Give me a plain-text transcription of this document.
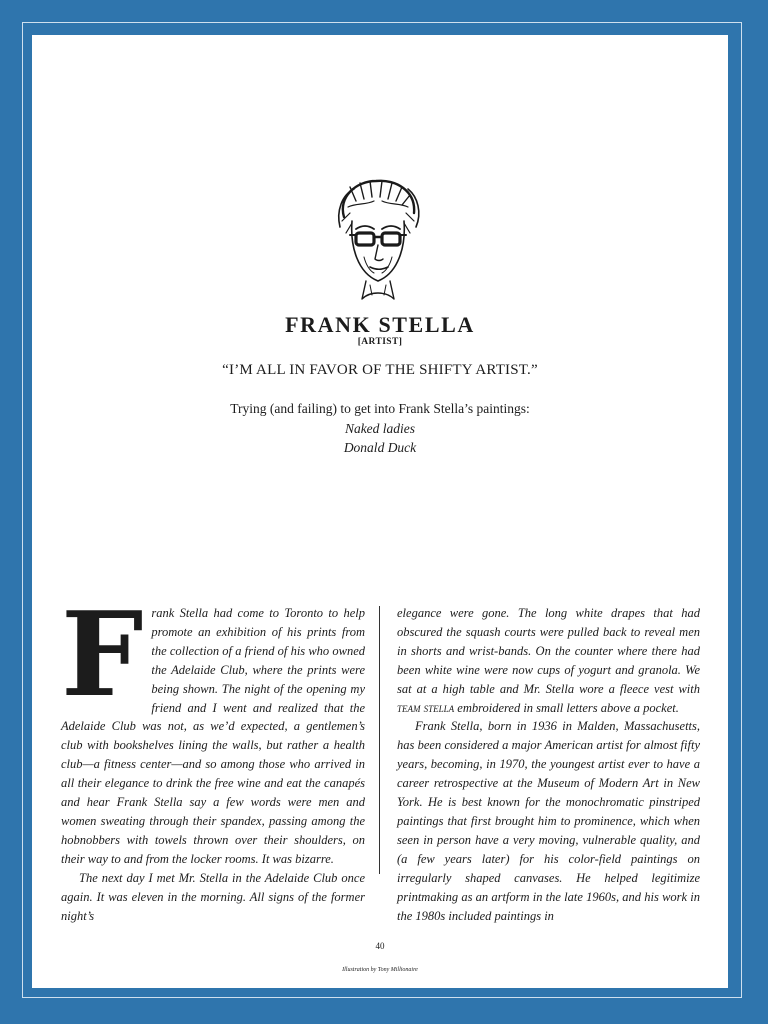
FRANK STELLA
[ARTIST]
“I’M ALL IN FAVOR OF THE SHIFTY ARTIST.”
Trying (and failing) to get into Frank Stella’s paintings:
Naked ladies
Donald Duck

Frank Stella had come to Toronto to help promote an exhibition of his prints from the collection of a friend of his who owned the Adelaide Club, where the prints were being shown. The night of the opening my friend and I went and realized that the Adelaide Club was not, as we’d expected, a gentlemen’s club with bookshelves lining the walls, but rather a health club—a fitness center—and so among those who arrived in all their elegance to drink the free wine and eat the canapés and hear Frank Stella say a few words were men and women sweating through their spandex, passing among the hobnobbers with towels thrown over their shoulders, on their way to and from the locker rooms. It was bizarre.

The next day I met Mr. Stella in the Adelaide Club once again. It was eleven in the morning. All signs of the former night’s

elegance were gone. The long white drapes that had obscured the squash courts were pulled back to reveal men in shorts and wrist-bands. On the counter where there had been white wine were now cups of yogurt and granola. We sat at a high table and Mr. Stella wore a fleece vest with team stella embroidered in small letters above a pocket.

Frank Stella, born in 1936 in Malden, Massachusetts, has been considered a major American artist for almost fifty years, becoming, in 1970, the youngest artist ever to have a career retrospective at the Museum of Modern Art in New York. He is best known for the monochromatic pinstriped paintings that first brought him to prominence, which when seen in person have a very moving, vulnerable quality, and (a few years later) for his color-field paintings on irregularly shaped canvases. He helped legitimize printmaking as an artform in the late 1960s, and his work in the 1980s included paintings in

40
Illustration by Tony Millionaire
